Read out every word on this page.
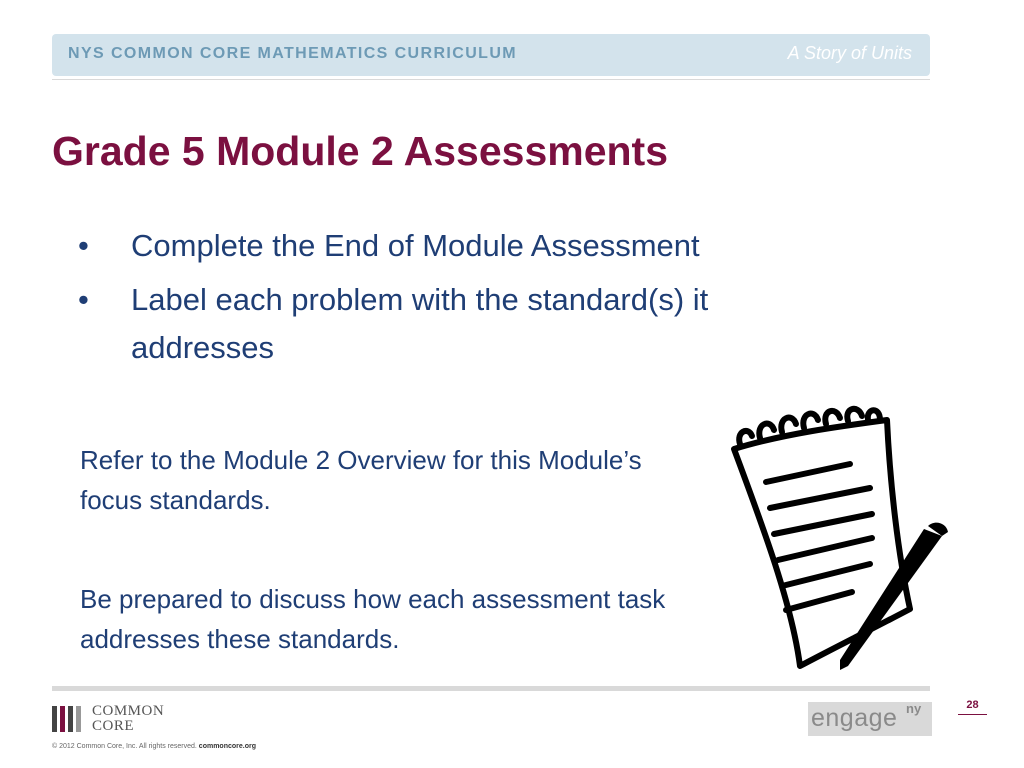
NYS COMMON CORE MATHEMATICS CURRICULUM	A Story of Units
Grade 5 Module 2 Assessments
• Complete the End of Module Assessment
• Label each problem with the standard(s) it addresses
Refer to the Module 2 Overview for this Module’s focus standards.
Be prepared to discuss how each assessment task addresses these standards.
COMMON
CORE
© 2012 Common Core, Inc. All rights reserved. commoncore.org
engage ny	28
